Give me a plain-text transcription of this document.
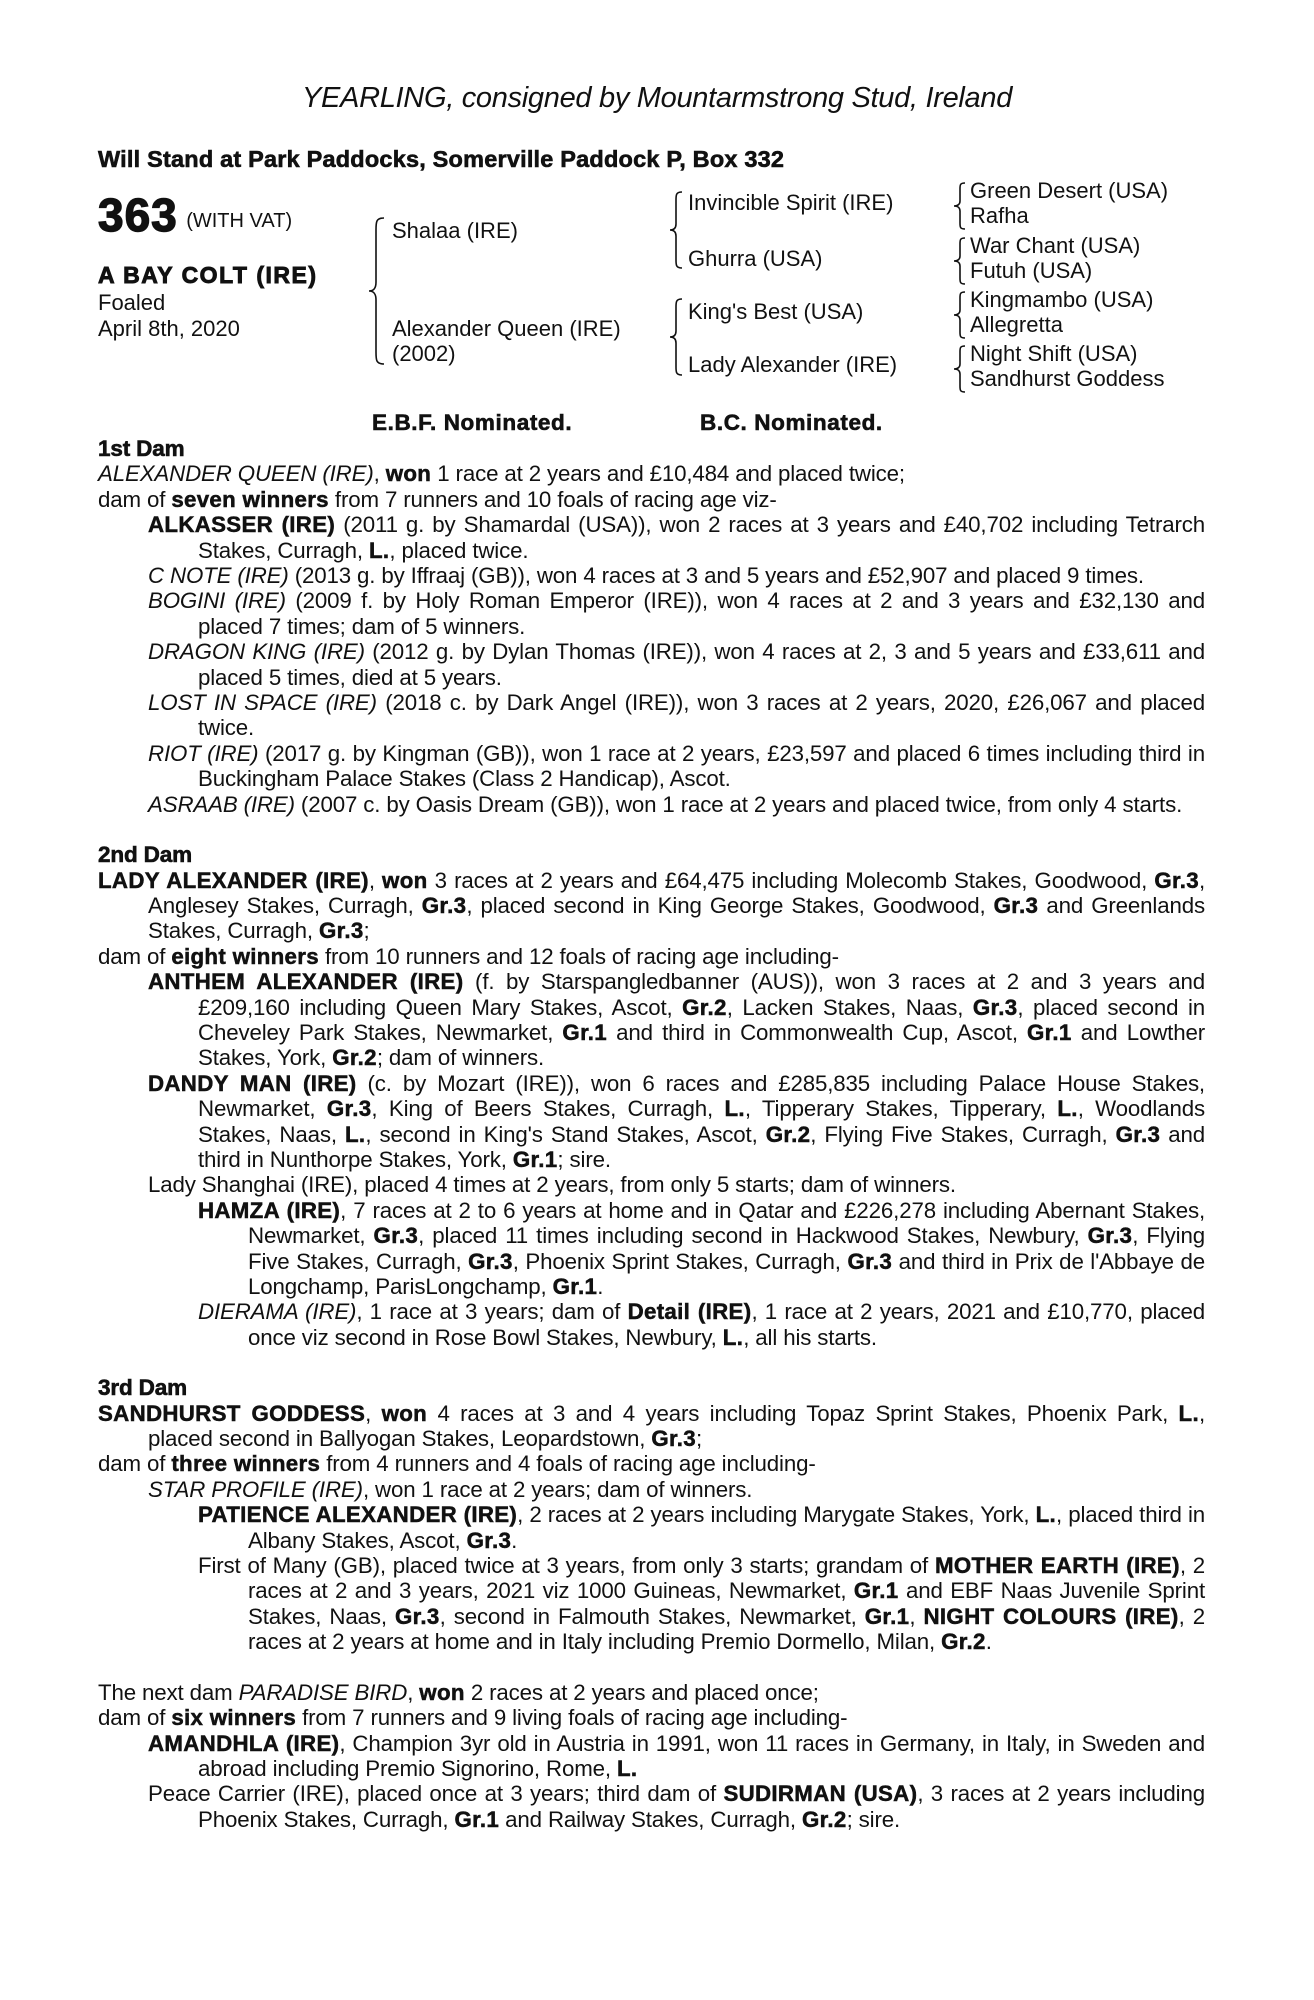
YEARLING, consigned by Mountarmstrong Stud, Ireland
Will Stand at Park Paddocks, Somerville Paddock P, Box 332
363 (WITH VAT)
A BAY COLT (IRE)
Foaled
April 8th, 2020
Shalaa (IRE)
Alexander Queen (IRE)
(2002)
Invincible Spirit (IRE)
Ghurra (USA)
King's Best (USA)
Lady Alexander (IRE)
Green Desert (USA)
Rafha
War Chant (USA)
Futuh (USA)
Kingmambo (USA)
Allegretta
Night Shift (USA)
Sandhurst Goddess
E.B.F. Nominated.	B.C. Nominated.
1st Dam
ALEXANDER QUEEN (IRE), won 1 race at 2 years and £10,484 and placed twice;
dam of seven winners from 7 runners and 10 foals of racing age viz-
ALKASSER (IRE) (2011 g. by Shamardal (USA)), won 2 races at 3 years and £40,702 including Tetrarch Stakes, Curragh, L., placed twice.
C NOTE (IRE) (2013 g. by Iffraaj (GB)), won 4 races at 3 and 5 years and £52,907 and placed 9 times.
BOGINI (IRE) (2009 f. by Holy Roman Emperor (IRE)), won 4 races at 2 and 3 years and £32,130 and placed 7 times; dam of 5 winners.
DRAGON KING (IRE) (2012 g. by Dylan Thomas (IRE)), won 4 races at 2, 3 and 5 years and £33,611 and placed 5 times, died at 5 years.
LOST IN SPACE (IRE) (2018 c. by Dark Angel (IRE)), won 3 races at 2 years, 2020, £26,067 and placed twice.
RIOT (IRE) (2017 g. by Kingman (GB)), won 1 race at 2 years, £23,597 and placed 6 times including third in Buckingham Palace Stakes (Class 2 Handicap), Ascot.
ASRAAB (IRE) (2007 c. by Oasis Dream (GB)), won 1 race at 2 years and placed twice, from only 4 starts.
2nd Dam
LADY ALEXANDER (IRE), won 3 races at 2 years and £64,475 including Molecomb Stakes, Goodwood, Gr.3, Anglesey Stakes, Curragh, Gr.3, placed second in King George Stakes, Goodwood, Gr.3 and Greenlands Stakes, Curragh, Gr.3;
dam of eight winners from 10 runners and 12 foals of racing age including-
ANTHEM ALEXANDER (IRE) (f. by Starspangledbanner (AUS)), won 3 races at 2 and 3 years and £209,160 including Queen Mary Stakes, Ascot, Gr.2, Lacken Stakes, Naas, Gr.3, placed second in Cheveley Park Stakes, Newmarket, Gr.1 and third in Commonwealth Cup, Ascot, Gr.1 and Lowther Stakes, York, Gr.2; dam of winners.
DANDY MAN (IRE) (c. by Mozart (IRE)), won 6 races and £285,835 including Palace House Stakes, Newmarket, Gr.3, King of Beers Stakes, Curragh, L., Tipperary Stakes, Tipperary, L., Woodlands Stakes, Naas, L., second in King's Stand Stakes, Ascot, Gr.2, Flying Five Stakes, Curragh, Gr.3 and third in Nunthorpe Stakes, York, Gr.1; sire.
Lady Shanghai (IRE), placed 4 times at 2 years, from only 5 starts; dam of winners.
HAMZA (IRE), 7 races at 2 to 6 years at home and in Qatar and £226,278 including Abernant Stakes, Newmarket, Gr.3, placed 11 times including second in Hackwood Stakes, Newbury, Gr.3, Flying Five Stakes, Curragh, Gr.3, Phoenix Sprint Stakes, Curragh, Gr.3 and third in Prix de l'Abbaye de Longchamp, ParisLongchamp, Gr.1.
DIERAMA (IRE), 1 race at 3 years; dam of Detail (IRE), 1 race at 2 years, 2021 and £10,770, placed once viz second in Rose Bowl Stakes, Newbury, L., all his starts.
3rd Dam
SANDHURST GODDESS, won 4 races at 3 and 4 years including Topaz Sprint Stakes, Phoenix Park, L., placed second in Ballyogan Stakes, Leopardstown, Gr.3;
dam of three winners from 4 runners and 4 foals of racing age including-
STAR PROFILE (IRE), won 1 race at 2 years; dam of winners.
PATIENCE ALEXANDER (IRE), 2 races at 2 years including Marygate Stakes, York, L., placed third in Albany Stakes, Ascot, Gr.3.
First of Many (GB), placed twice at 3 years, from only 3 starts; grandam of MOTHER EARTH (IRE), 2 races at 2 and 3 years, 2021 viz 1000 Guineas, Newmarket, Gr.1 and EBF Naas Juvenile Sprint Stakes, Naas, Gr.3, second in Falmouth Stakes, Newmarket, Gr.1, NIGHT COLOURS (IRE), 2 races at 2 years at home and in Italy including Premio Dormello, Milan, Gr.2.
The next dam PARADISE BIRD, won 2 races at 2 years and placed once;
dam of six winners from 7 runners and 9 living foals of racing age including-
AMANDHLA (IRE), Champion 3yr old in Austria in 1991, won 11 races in Germany, in Italy, in Sweden and abroad including Premio Signorino, Rome, L.
Peace Carrier (IRE), placed once at 3 years; third dam of SUDIRMAN (USA), 3 races at 2 years including Phoenix Stakes, Curragh, Gr.1 and Railway Stakes, Curragh, Gr.2; sire.
